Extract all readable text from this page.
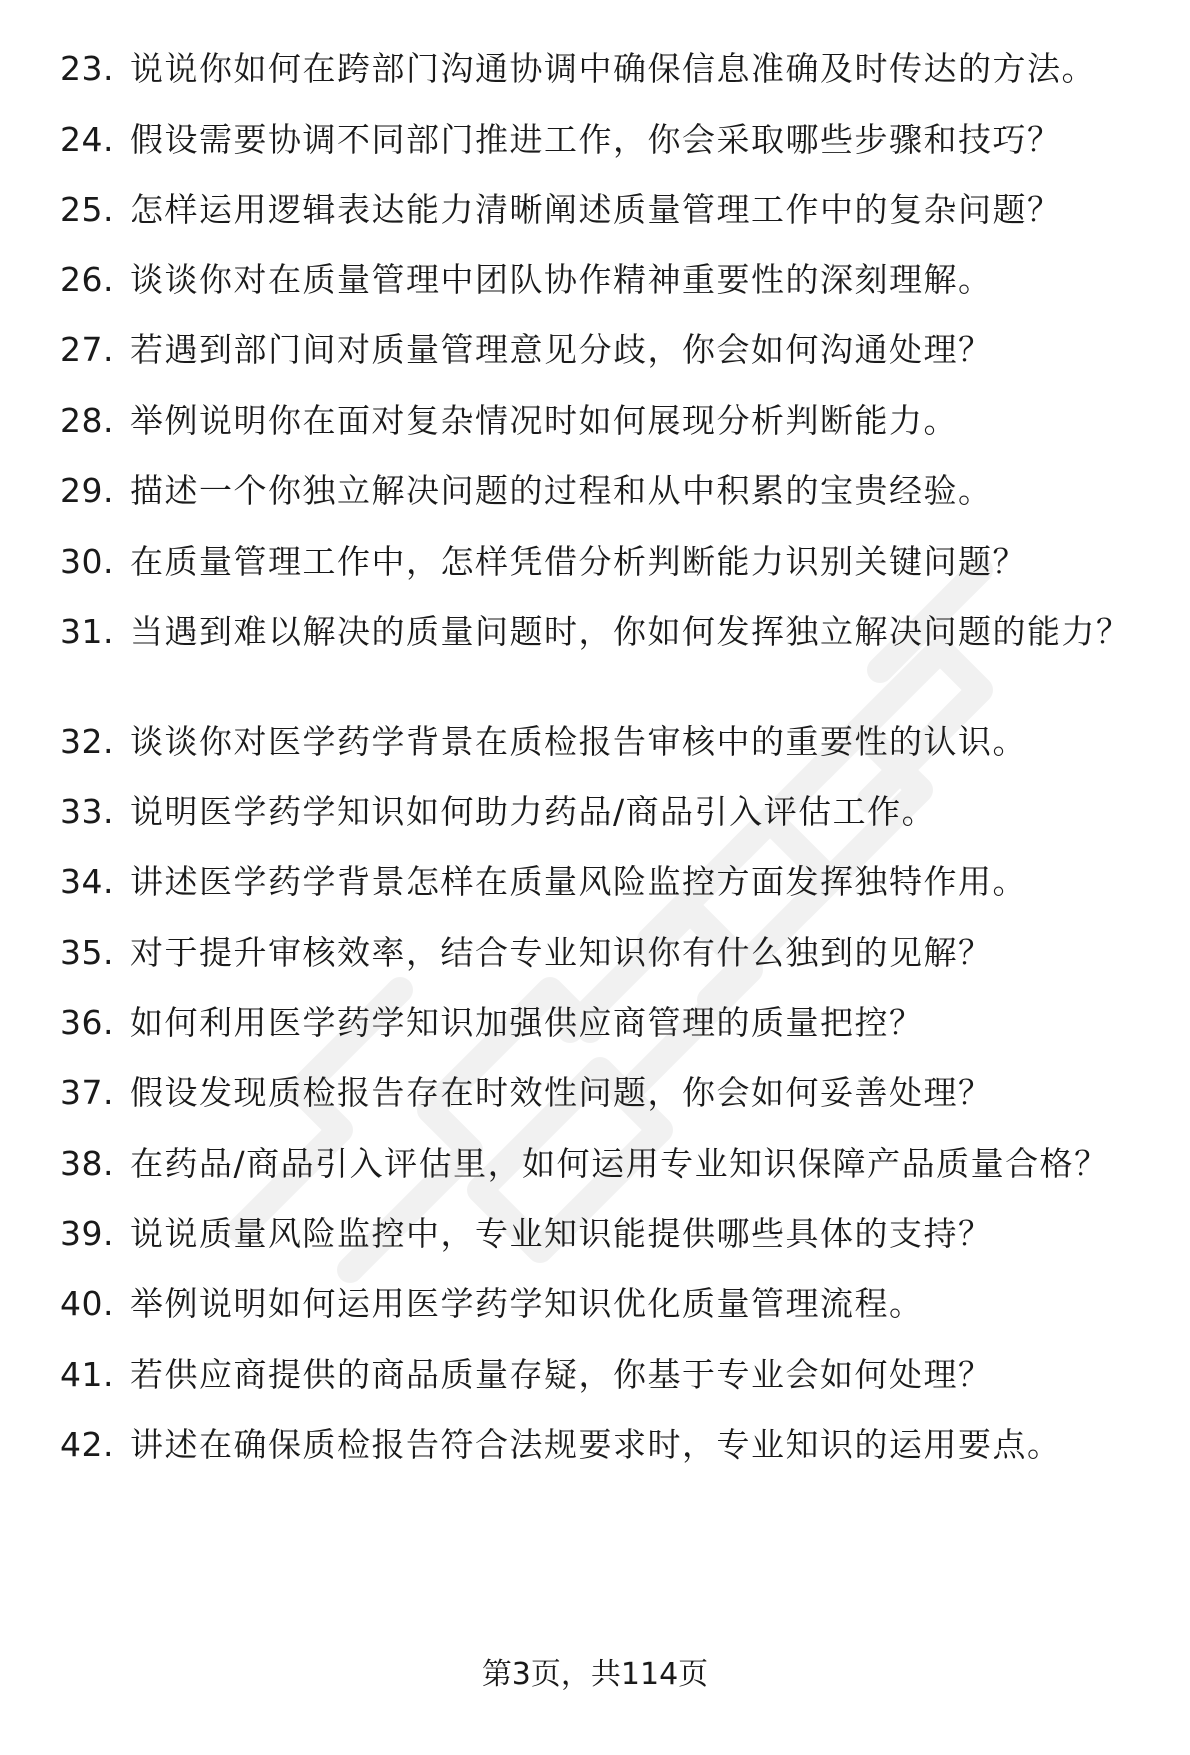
23. 说说你如何在跨部门沟通协调中确保信息准确及时传达的方法。
24. 假设需要协调不同部门推进工作，你会采取哪些步骤和技巧？
25. 怎样运用逻辑表达能力清晰阐述质量管理工作中的复杂问题？
26. 谈谈你对在质量管理中团队协作精神重要性的深刻理解。
27. 若遇到部门间对质量管理意见分歧，你会如何沟通处理？
28. 举例说明你在面对复杂情况时如何展现分析判断能力。
29. 描述一个你独立解决问题的过程和从中积累的宝贵经验。
30. 在质量管理工作中，怎样凭借分析判断能力识别关键问题？
31. 当遇到难以解决的质量问题时，你如何发挥独立解决问题的能力？
32. 谈谈你对医学药学背景在质检报告审核中的重要性的认识。
33. 说明医学药学知识如何助力药品/商品引入评估工作。
34. 讲述医学药学背景怎样在质量风险监控方面发挥独特作用。
35. 对于提升审核效率，结合专业知识你有什么独到的见解？
36. 如何利用医学药学知识加强供应商管理的质量把控？
37. 假设发现质检报告存在时效性问题，你会如何妥善处理？
38. 在药品/商品引入评估里，如何运用专业知识保障产品质量合格？
39. 说说质量风险监控中，专业知识能提供哪些具体的支持？
40. 举例说明如何运用医学药学知识优化质量管理流程。
41. 若供应商提供的商品质量存疑，你基于专业会如何处理？
42. 讲述在确保质检报告符合法规要求时，专业知识的运用要点。
第3页，共114页
